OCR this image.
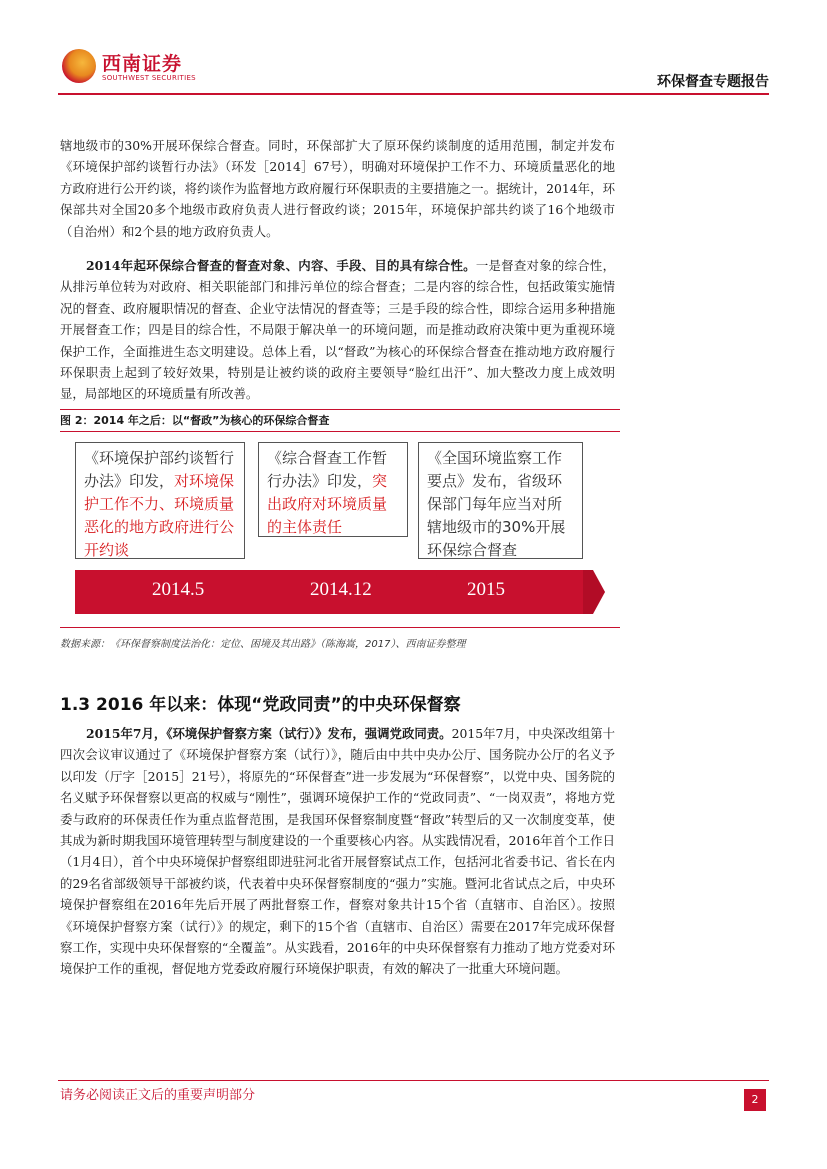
西南证券
SOUTHWEST SECURITIES	环保督查专题报告

辖地级市的30%开展环保综合督查。同时，环保部扩大了原环保约谈制度的适用范围，制定并发布《环境保护部约谈暂行办法》（环发［2014］67号），明确对环境保护工作不力、环境质量恶化的地方政府进行公开约谈，将约谈作为监督地方政府履行环保职责的主要措施之一。据统计，2014年，环保部共对全国20多个地级市政府负责人进行督政约谈；2015年，环境保护部共约谈了16个地级市（自治州）和2个县的地方政府负责人。

2014年起环保综合督查的督查对象、内容、手段、目的具有综合性。一是督查对象的综合性，从排污单位转为对政府、相关职能部门和排污单位的综合督查；二是内容的综合性，包括政策实施情况的督查、政府履职情况的督查、企业守法情况的督查等；三是手段的综合性，即综合运用多种措施开展督查工作；四是目的综合性，不局限于解决单一的环境问题，而是推动政府决策中更为重视环境保护工作，全面推进生态文明建设。总体上看，以“督政”为核心的环保综合督查在推动地方政府履行环保职责上起到了较好效果，特别是让被约谈的政府主要领导“脸红出汗”、加大整改力度上成效明显，局部地区的环境质量有所改善。

图 2：2014 年之后：以“督政”为核心的环保综合督查
《环境保护部约谈暂行办法》印发，对环境保护工作不力、环境质量恶化的地方政府进行公开约谈
《综合督查工作暂行办法》印发，突出政府对环境质量的主体责任
《全国环境监察工作要点》发布，省级环保部门每年应当对所辖地级市的30%开展环保综合督查
2014.5	2014.12	2015
数据来源：《环保督察制度法治化：定位、困境及其出路》（陈海嵩，2017）、西南证券整理
1.3 2016 年以来：体现“党政同责”的中央环保督察

2015年7月，《环境保护督察方案（试行）》发布，强调党政同责。2015年7月，中央深改组第十四次会议审议通过了《环境保护督察方案（试行）》，随后由中共中央办公厅、国务院办公厅的名义予以印发（厅字［2015］21号），将原先的“环保督查”进一步发展为“环保督察”，以党中央、国务院的名义赋予环保督察以更高的权威与“刚性”，强调环境保护工作的“党政同责”、“一岗双责”，将地方党委与政府的环保责任作为重点监督范围，是我国环保督察制度暨“督政”转型后的又一次制度变革，使其成为新时期我国环境管理转型与制度建设的一个重要核心内容。从实践情况看，2016年首个工作日（1月4日），首个中央环境保护督察组即进驻河北省开展督察试点工作，包括河北省委书记、省长在内的29名省部级领导干部被约谈，代表着中央环保督察制度的“强力”实施。暨河北省试点之后，中央环境保护督察组在2016年先后开展了两批督察工作，督察对象共计15个省（直辖市、自治区）。按照《环境保护督察方案（试行）》的规定，剩下的15个省（直辖市、自治区）需要在2017年完成环保督察工作，实现中央环保督察的“全覆盖”。从实践看，2016年的中央环保督察有力推动了地方党委对环境保护工作的重视，督促地方党委政府履行环境保护职责，有效的解决了一批重大环境问题。

请务必阅读正文后的重要声明部分	2
